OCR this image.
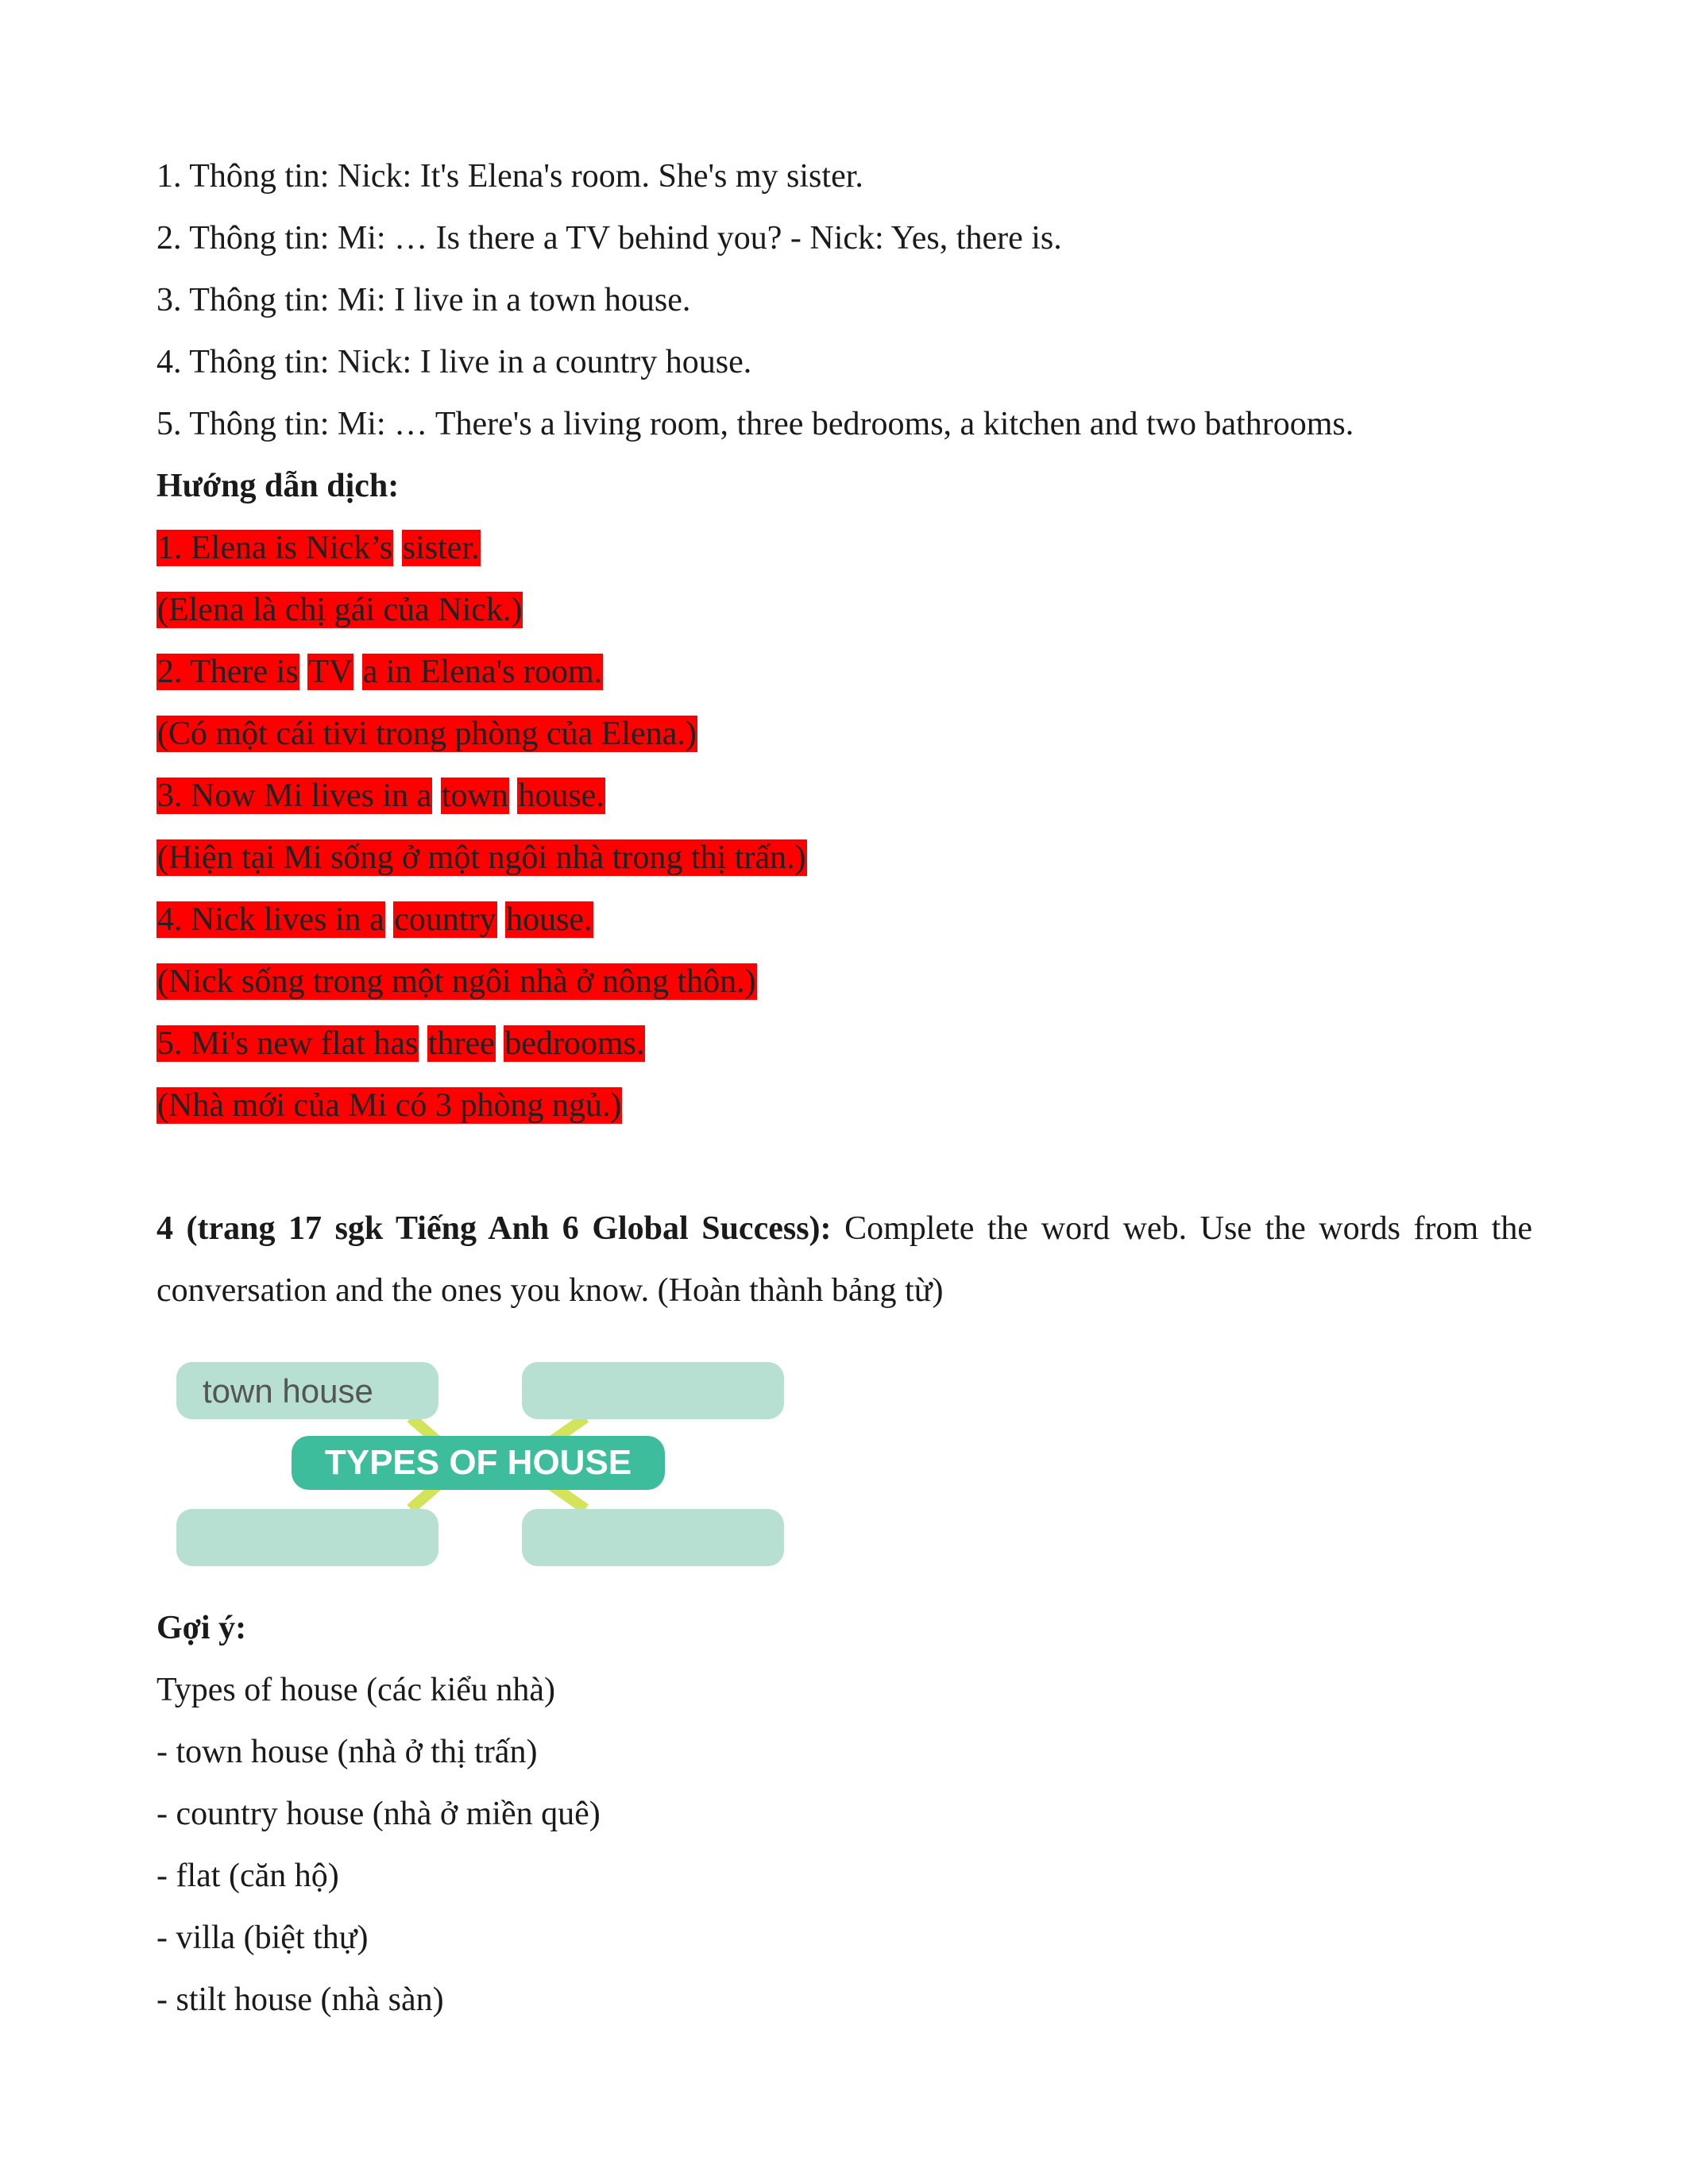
1. Thông tin: Nick: It's Elena's room. She's my sister.
2. Thông tin: Mi: … Is there a TV behind you? - Nick: Yes, there is.
3. Thông tin: Mi: I live in a town house.
4. Thông tin: Nick: I live in a country house.
5. Thông tin: Mi: … There's a living room, three bedrooms, a kitchen and two bathrooms.
Hướng dẫn dịch:
1. Elena is Nick’s sister.
(Elena là chị gái của Nick.)
2. There is TV a in Elena's room.
(Có một cái tivi trong phòng của Elena.)
3. Now Mi lives in a town house.
(Hiện tại Mi sống ở một ngôi nhà trong thị trấn.)
4. Nick lives in a country house.
(Nick sống trong một ngôi nhà ở nông thôn.)
5. Mi's new flat has three bedrooms.
(Nhà mới của Mi có 3 phòng ngủ.)
4 (trang 17 sgk Tiếng Anh 6 Global Success): Complete the word web. Use the words from the conversation and the ones you know. (Hoàn thành bảng từ)
TYPES OF HOUSE
town house
Gợi ý:
Types of house (các kiểu nhà)
- town house (nhà ở thị trấn)
- country house (nhà ở miền quê)
- flat (căn hộ)
- villa (biệt thự)
- stilt house (nhà sàn)
